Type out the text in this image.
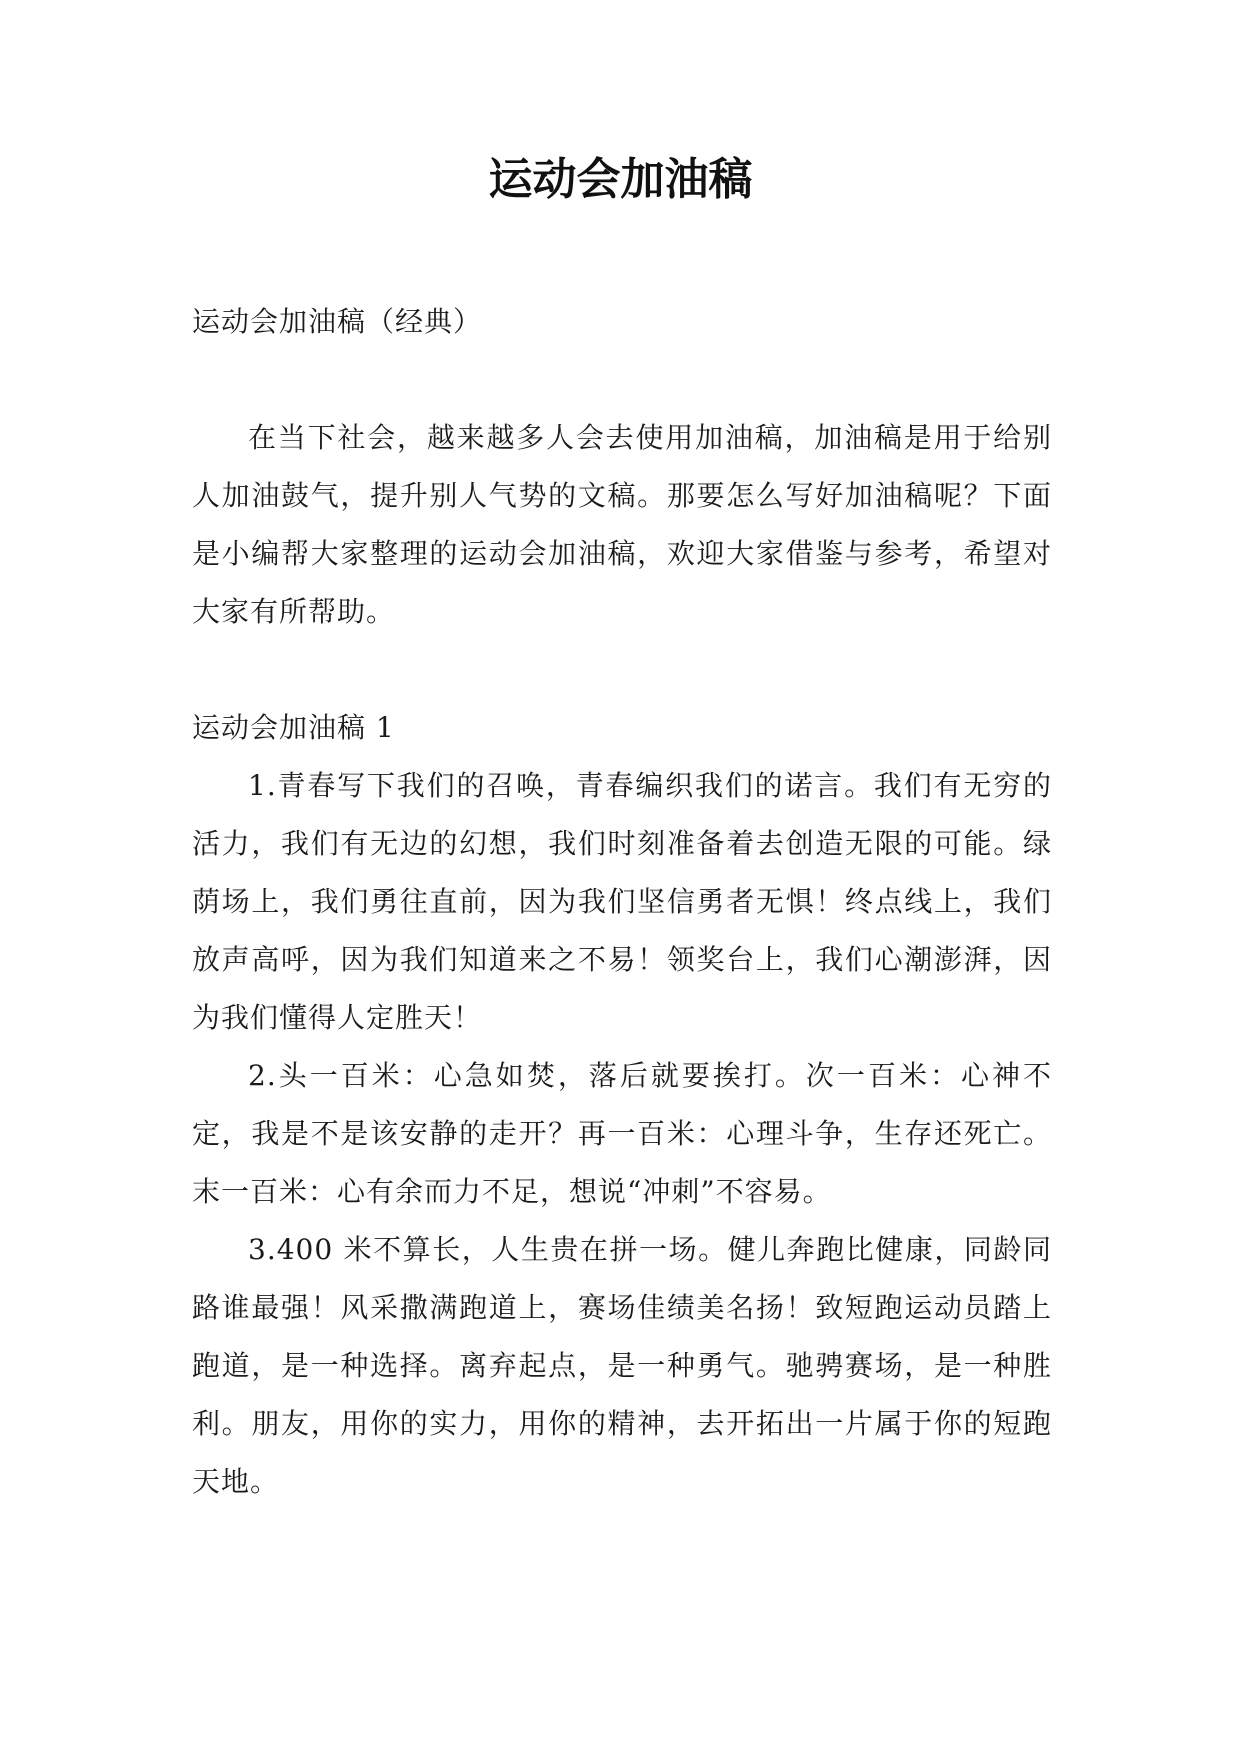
运动会加油稿

运动会加油稿（经典）

在当下社会，越来越多人会去使用加油稿，加油稿是用于给别人加油鼓气，提升别人气势的文稿。那要怎么写好加油稿呢？下面是小编帮大家整理的运动会加油稿，欢迎大家借鉴与参考，希望对大家有所帮助。

运动会加油稿 1

1.青春写下我们的召唤，青春编织我们的诺言。我们有无穷的活力，我们有无边的幻想，我们时刻准备着去创造无限的可能。绿荫场上，我们勇往直前，因为我们坚信勇者无惧！终点线上，我们放声高呼，因为我们知道来之不易！领奖台上，我们心潮澎湃，因为我们懂得人定胜天！

2.头一百米：心急如焚，落后就要挨打。次一百米：心神不定，我是不是该安静的走开？再一百米：心理斗争，生存还死亡。末一百米：心有余而力不足，想说“冲刺”不容易。

3.400 米不算长，人生贵在拼一场。健儿奔跑比健康，同龄同路谁最强！风采撒满跑道上，赛场佳绩美名扬！致短跑运动员踏上跑道，是一种选择。离弃起点，是一种勇气。驰骋赛场，是一种胜利。朋友，用你的实力，用你的精神，去开拓出一片属于你的短跑天地。
